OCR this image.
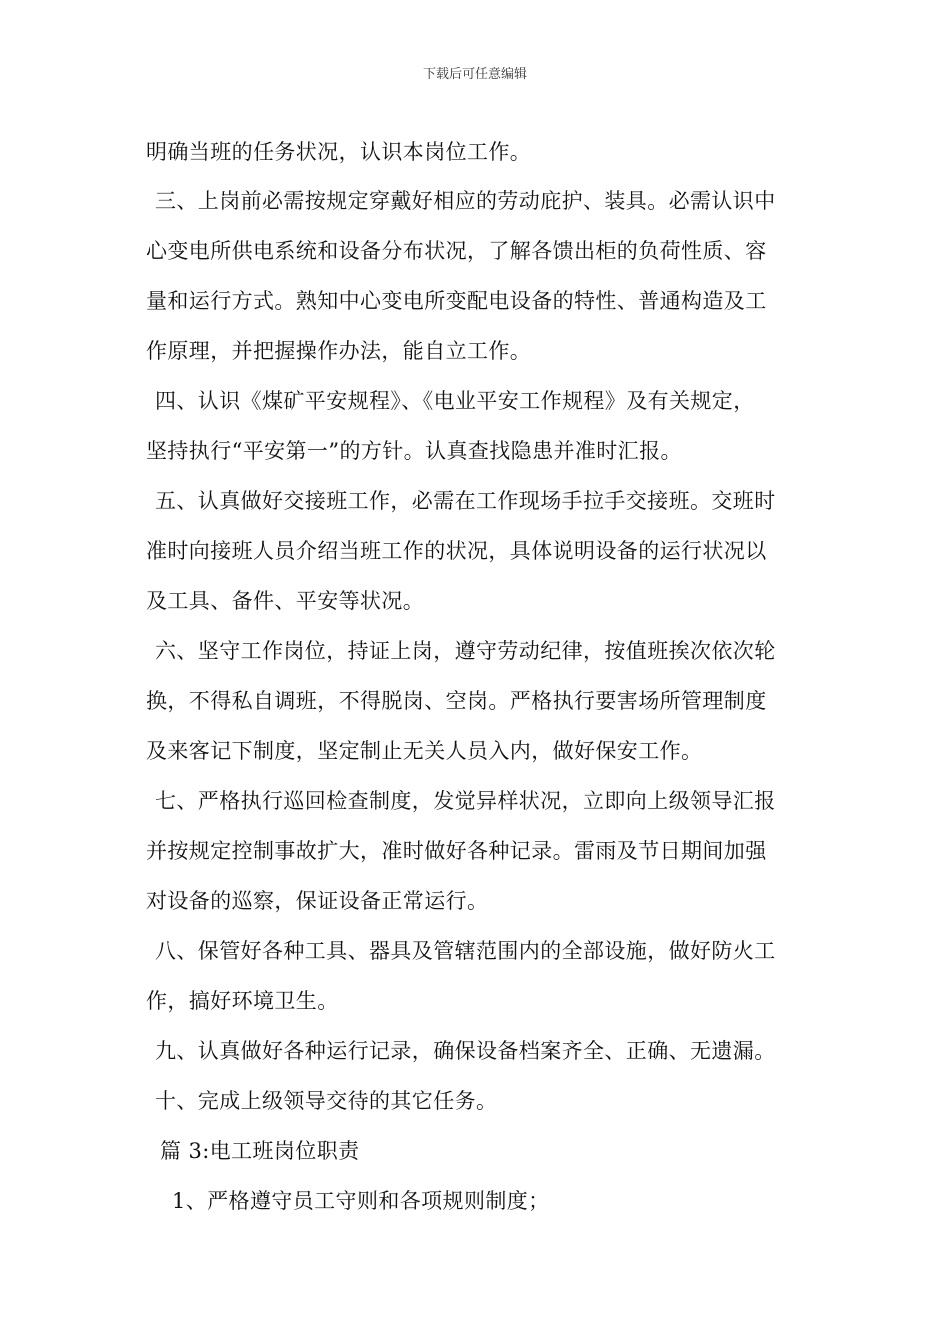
下载后可任意编辑
明确当班的任务状况，认识本岗位工作。
三、上岗前必需按规定穿戴好相应的劳动庇护、装具。必需认识中
心变电所供电系统和设备分布状况，了解各馈出柜的负荷性质、容
量和运行方式。熟知中心变电所变配电设备的特性、普通构造及工
作原理，并把握操作办法，能自立工作。
四、认识《煤矿平安规程》、《电业平安工作规程》及有关规定，
坚持执行“平安第一”的方针。认真查找隐患并准时汇报。
五、认真做好交接班工作，必需在工作现场手拉手交接班。交班时
准时向接班人员介绍当班工作的状况，具体说明设备的运行状况以
及工具、备件、平安等状况。
六、坚守工作岗位，持证上岗，遵守劳动纪律，按值班挨次依次轮
换，不得私自调班，不得脱岗、空岗。严格执行要害场所管理制度
及来客记下制度，坚定制止无关人员入内，做好保安工作。
七、严格执行巡回检查制度，发觉异样状况，立即向上级领导汇报
并按规定控制事故扩大，准时做好各种记录。雷雨及节日期间加强
对设备的巡察，保证设备正常运行。
八、保管好各种工具、器具及管辖范围内的全部设施，做好防火工
作，搞好环境卫生。
九、认真做好各种运行记录，确保设备档案齐全、正确、无遗漏。
十、完成上级领导交待的其它任务。
篇 3:电工班岗位职责
1、严格遵守员工守则和各项规则制度；
